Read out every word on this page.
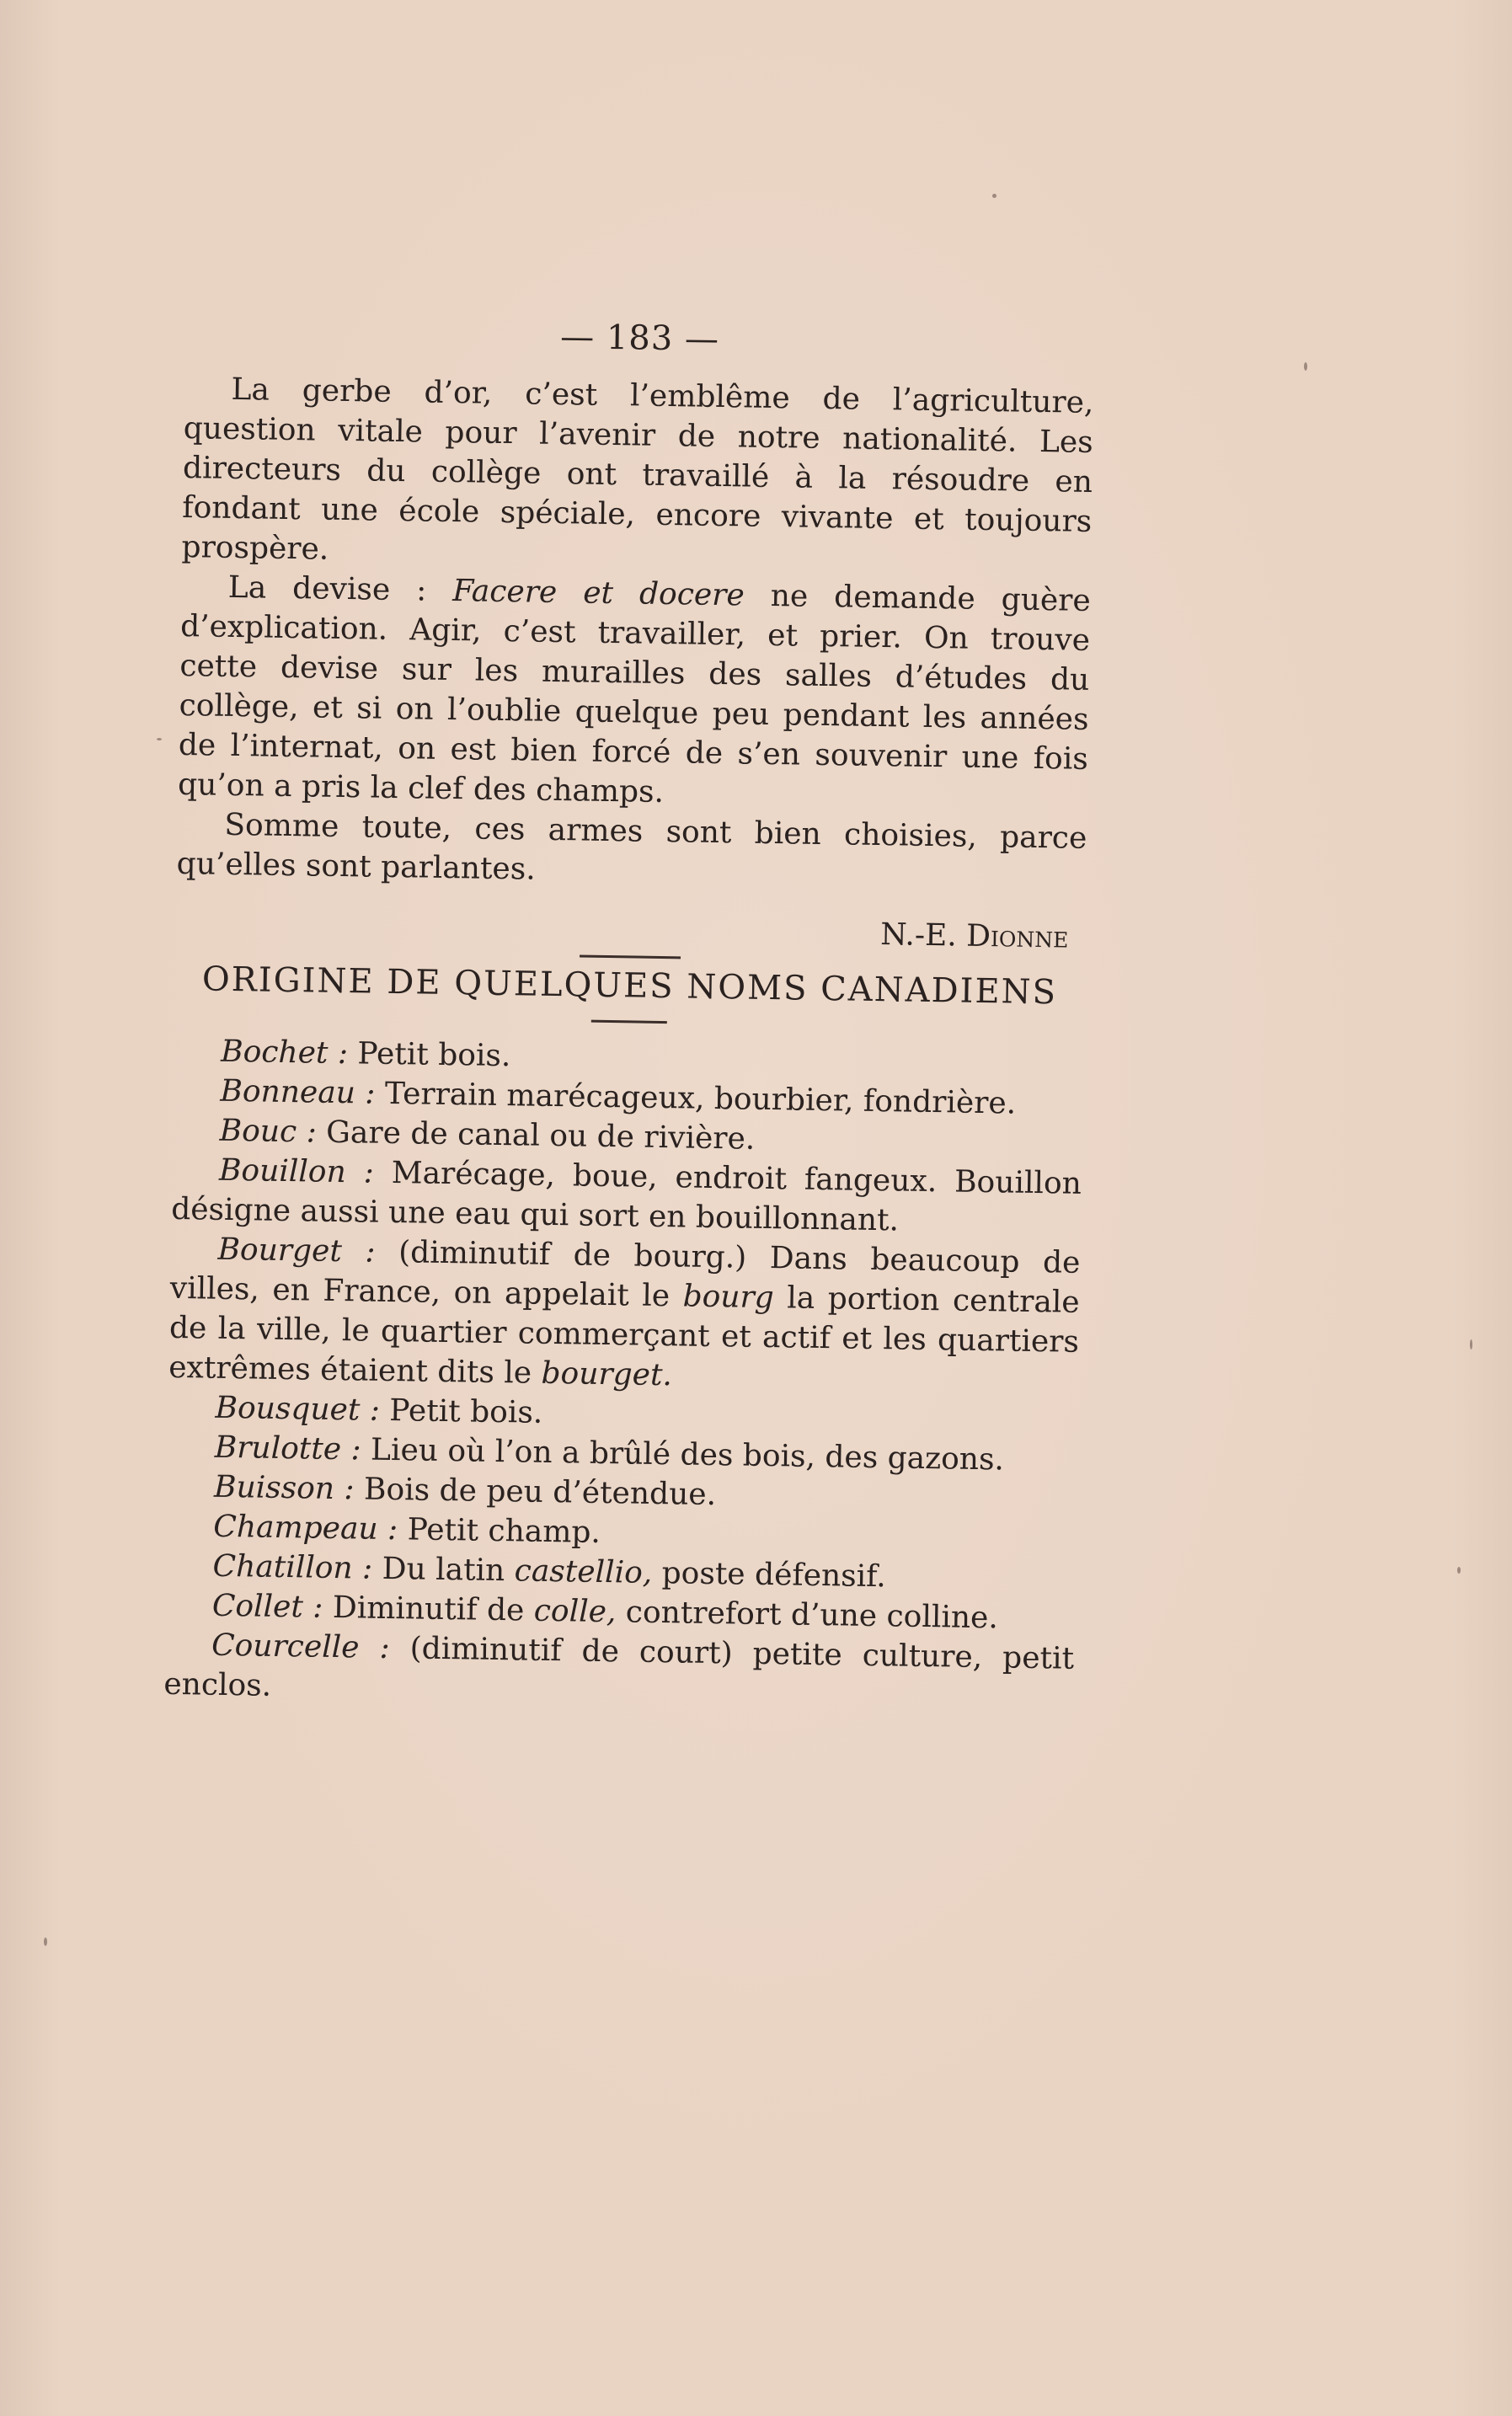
— 183 —

La gerbe d’or, c’est l’emblême de l’agriculture, question vitale pour l’avenir de notre nationalité. Les directeurs du collège ont travaillé à la résoudre en fondant une école spéciale, encore vivante et toujours prospère.

La devise : Facere et docere ne demande guère d’explication. Agir, c’est travailler, et prier. On trouve cette devise sur les murailles des salles d’études du collège, et si on l’oublie quelque peu pendant les années de l’internat, on est bien forcé de s’en souvenir une fois qu’on a pris la clef des champs.

Somme toute, ces armes sont bien choisies, parce qu’elles sont parlantes.

N.-E. Dionne
ORIGINE DE QUELQUES NOMS CANADIENS

Bochet : Petit bois.

Bonneau : Terrain marécageux, bourbier, fondrière.

Bouc : Gare de canal ou de rivière.

Bouillon : Marécage, boue, endroit fangeux. Bouillon désigne aussi une eau qui sort en bouillonnant.

Bourget : (diminutif de bourg.) Dans beaucoup de villes, en France, on appelait le bourg la portion centrale de la ville, le quartier commerçant et actif et les quartiers extrêmes étaient dits le bourget.

Bousquet : Petit bois.

Brulotte : Lieu où l’on a brûlé des bois, des gazons.

Buisson : Bois de peu d’étendue.

Champeau : Petit champ.

Chatillon : Du latin castellio, poste défensif.

Collet : Diminutif de colle, contrefort d’une colline.

Courcelle : (diminutif de court) petite culture, petit enclos.
